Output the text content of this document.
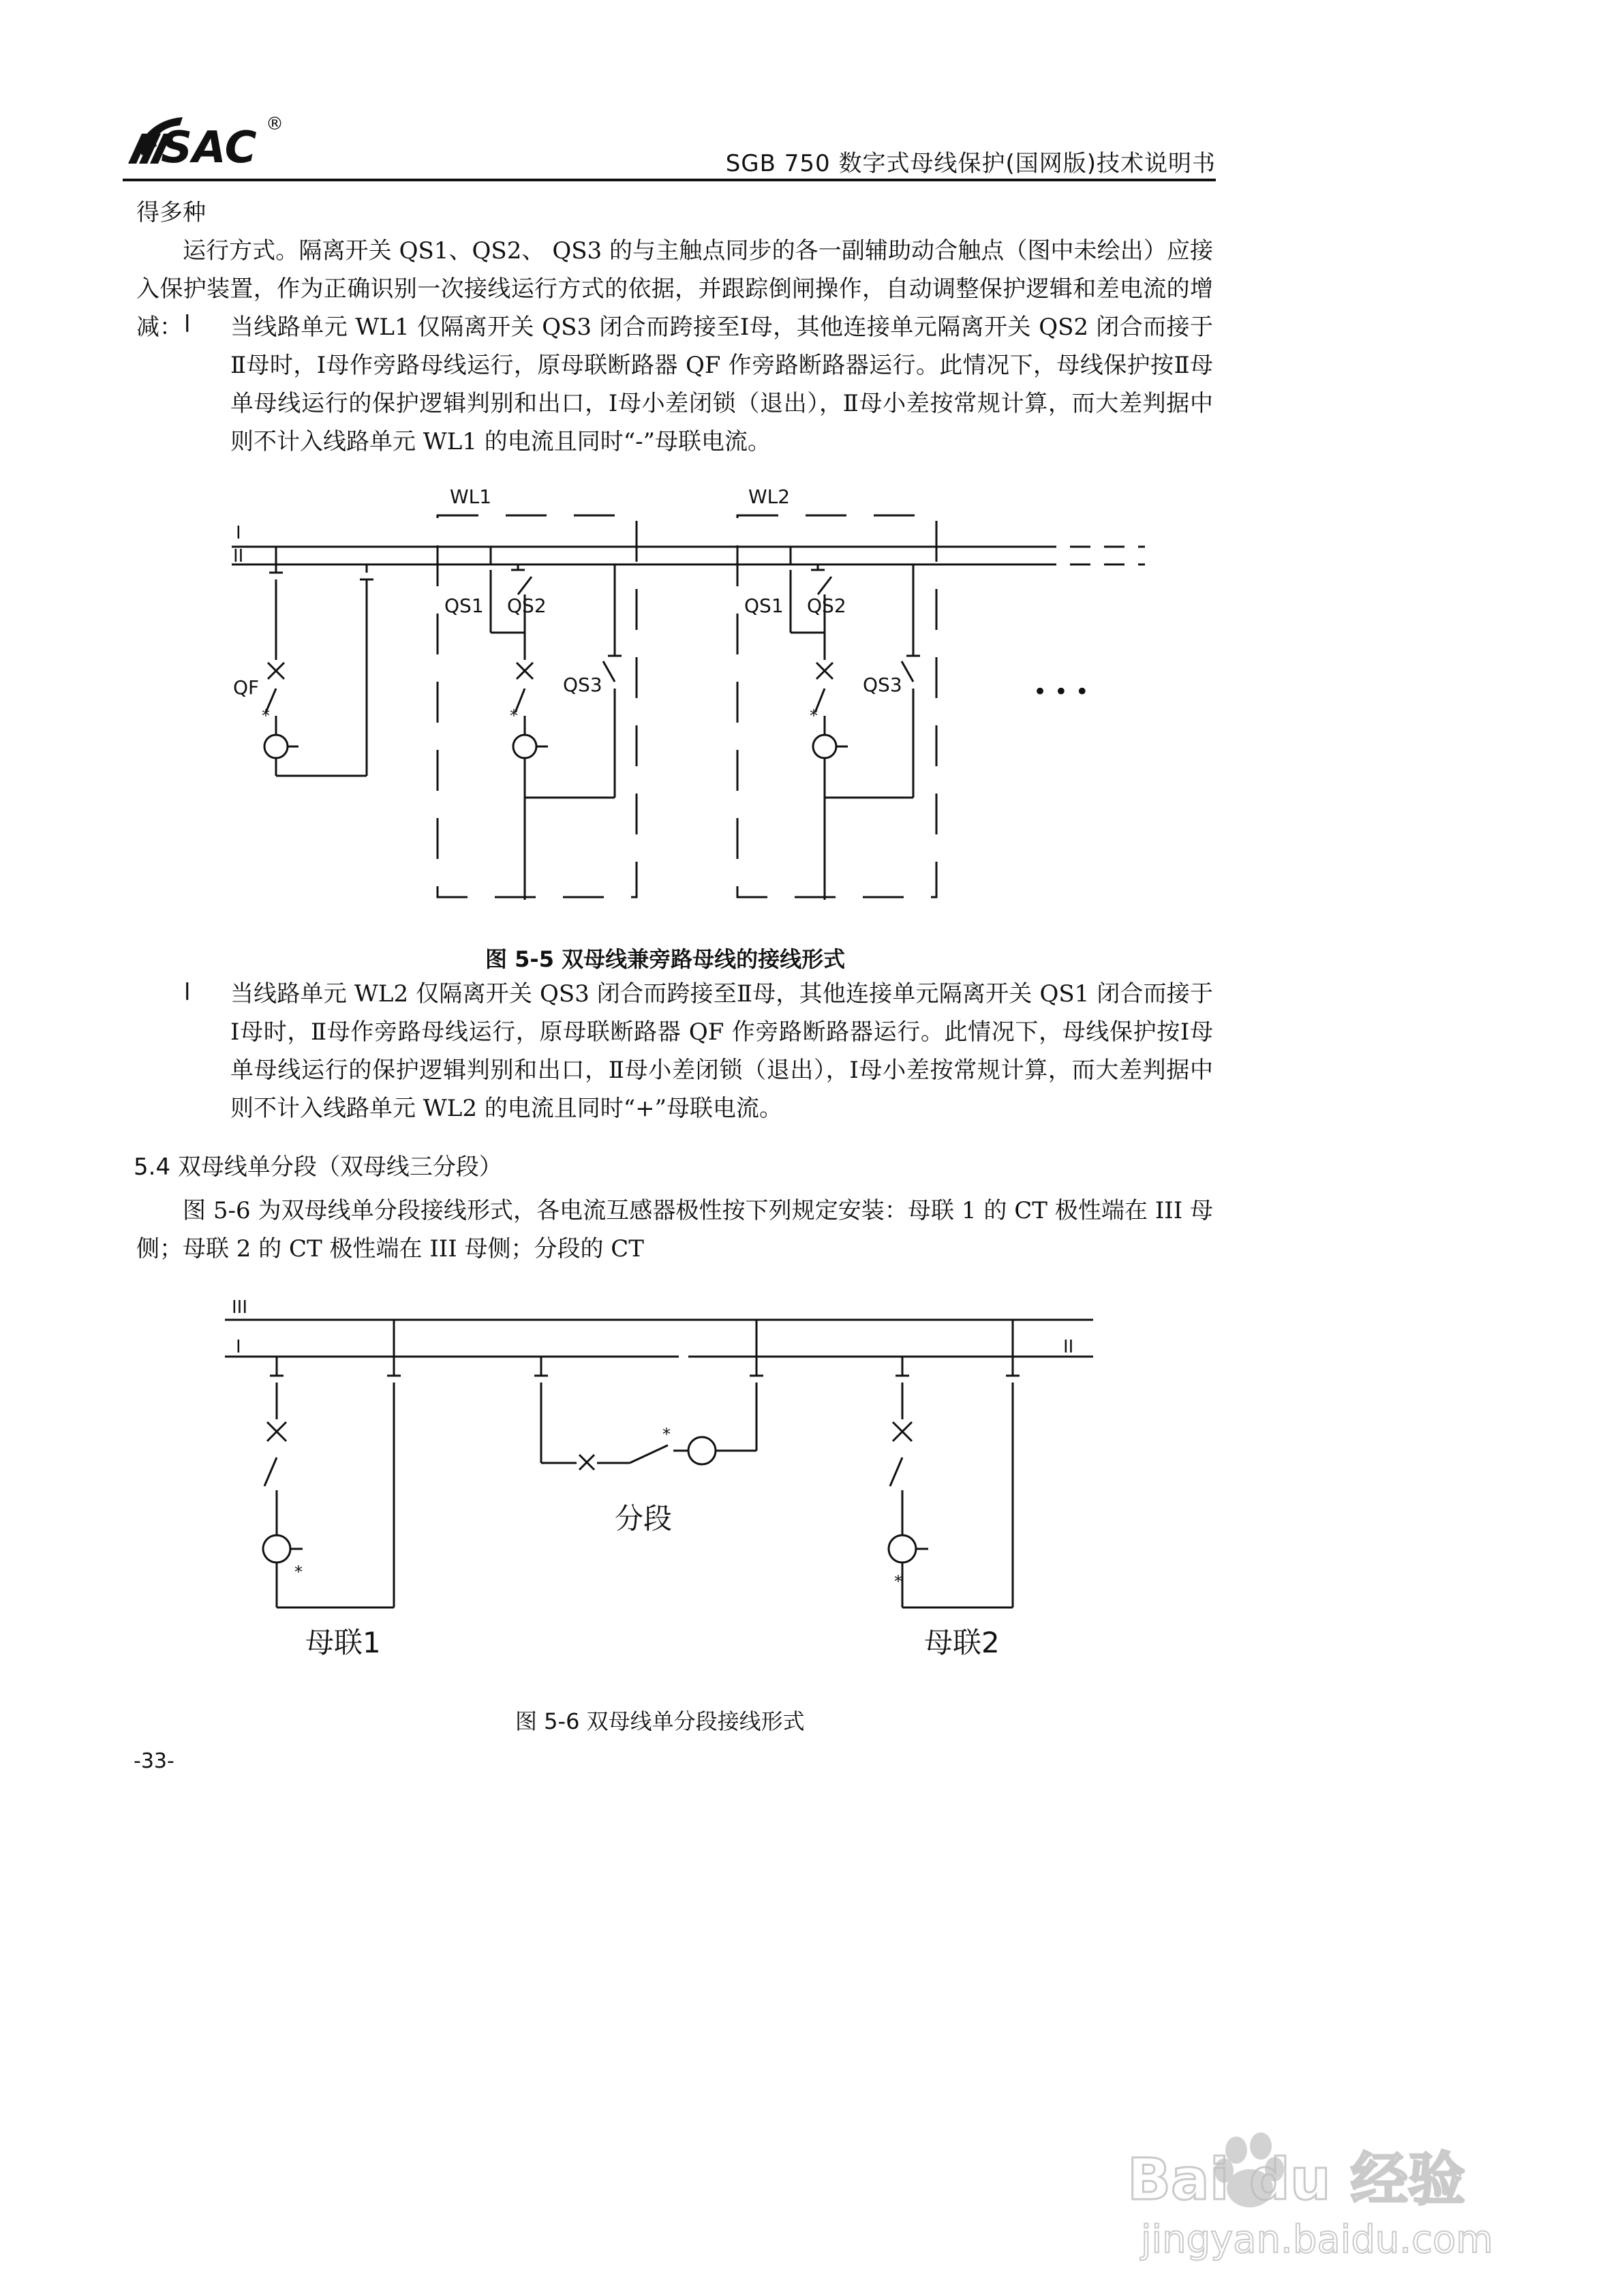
SAC ®
SGB 750 数字式母线保护(国网版)技术说明书
得多种
运行方式。隔离开关 QS1、QS2、 QS3 的与主触点同步的各一副辅助动合触点（图中未绘出）应接入保护装置，作为正确识别一次接线运行方式的依据，并跟踪倒闸操作，自动调整保护逻辑和差电流的增减： l 当线路单元 WL1 仅隔离开关 QS3 闭合而跨接至Ⅰ母，其他连接单元隔离开关 QS2 闭合而接于Ⅱ母时，Ⅰ母作旁路母线运行，原母联断路器 QF 作旁路断路器运行。此情况下，母线保护按Ⅱ母单母线运行的保护逻辑判别和出口，Ⅰ母小差闭锁（退出），Ⅱ母小差按常规计算，而大差判据中则不计入线路单元 WL1 的电流且同时“-”母联电流。
I
II
QF
*
WL1
QS1 QS2
QS3
*
WL2
QS1 QS2
QS3
*
• • •
图 5-5 双母线兼旁路母线的接线形式
l 当线路单元 WL2 仅隔离开关 QS3 闭合而跨接至Ⅱ母，其他连接单元隔离开关 QS1 闭合而接于Ⅰ母时，Ⅱ母作旁路母线运行，原母联断路器 QF 作旁路断路器运行。此情况下，母线保护按Ⅰ母单母线运行的保护逻辑判别和出口，Ⅱ母小差闭锁（退出），Ⅰ母小差按常规计算，而大差判据中则不计入线路单元 WL2 的电流且同时“+”母联电流。
5.4 双母线单分段（双母线三分段）
图 5-6 为双母线单分段接线形式，各电流互感器极性按下列规定安装：母联 1 的 CT 极性端在 III 母侧；母联 2 的 CT 极性端在 III 母侧；分段的 CT
III
I	II
*
*
分段
*
母联1	母联2
图 5-6 双母线单分段接线形式
-33-
Bai du 经验
jingyan.baidu.com
